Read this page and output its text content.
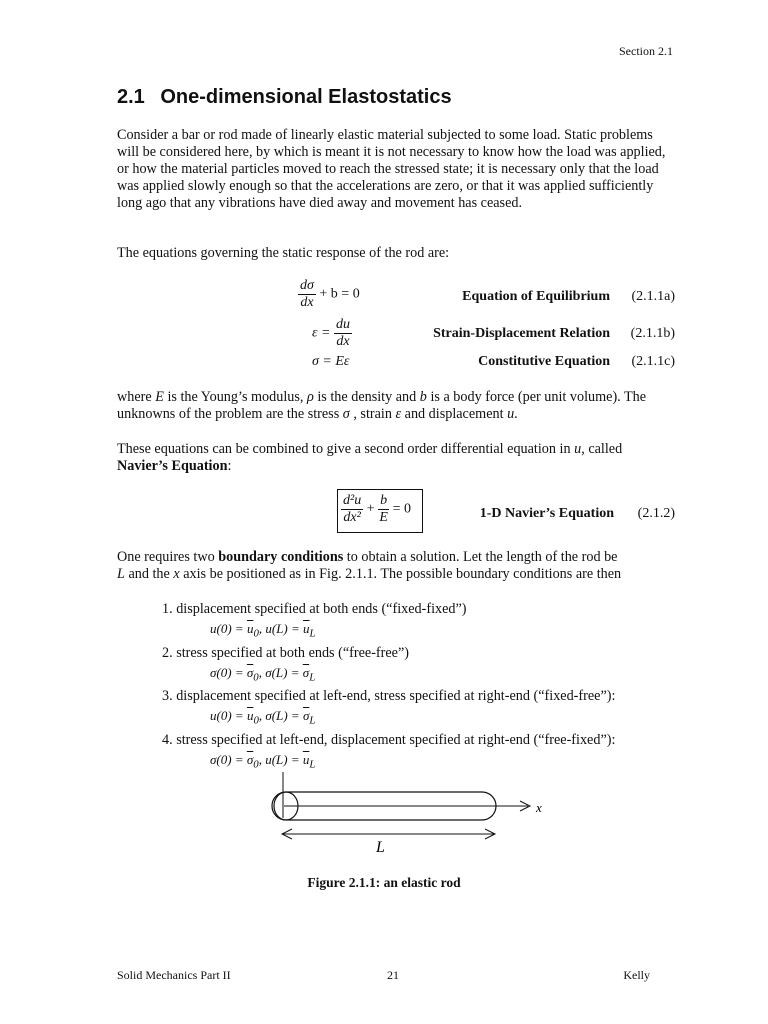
Section 2.1
2.1 One-dimensional Elastostatics
Consider a bar or rod made of linearly elastic material subjected to some load. Static problems will be considered here, by which is meant it is not necessary to know how the load was applied, or how the material particles moved to reach the stressed state; it is necessary only that the load was applied slowly enough so that the accelerations are zero, or that it was applied sufficiently long ago that any vibrations have died away and movement has ceased.
The equations governing the static response of the rod are:
$\frac{d\sigma}{dx} + b = 0$	Equation of Equilibrium (2.1.1a)
$\varepsilon = \frac{du}{dx}$	Strain-Displacement Relation (2.1.1b)
σ = Eε	Constitutive Equation (2.1.1c)
where E is the Young’s modulus, ρ is the density and b is a body force (per unit volume). The unknowns of the problem are the stress σ , strain ε and displacement u.
These equations can be combined to give a second order differential equation in u, called
Navier’s Equation:
$\frac{\text{d²u}}{\text{dx²}} + \frac{b}{E} = 0$	1-D Navier’s Equation (2.1.2)
One requires two boundary conditions to obtain a solution. Let the length of the rod be
L and the x axis be positioned as in Fig. 2.1.1. The possible boundary conditions are then
1. displacement specified at both ends (“fixed-fixed”)
$u(0) = \overline{u}_0$, $u(L) = \overline{u}_L$
2. stress specified at both ends (“free-free”)
$\sigma(0) = \overline{\sigma}_0$, $\sigma(L) = \overline{\sigma}_L$
3. displacement specified at left-end, stress specified at right-end (“fixed-free”):
$u(0) = \overline{u}_0$, $\sigma(L) = \overline{\sigma}_L$
4. stress specified at left-end, displacement specified at right-end (“free-fixed”):
$\sigma(0) = \overline{\sigma}_0$, $u(L) = \overline{u}_L$
x
L
Figure 2.1.1: an elastic rod
Solid Mechanics Part II	21	Kelly
